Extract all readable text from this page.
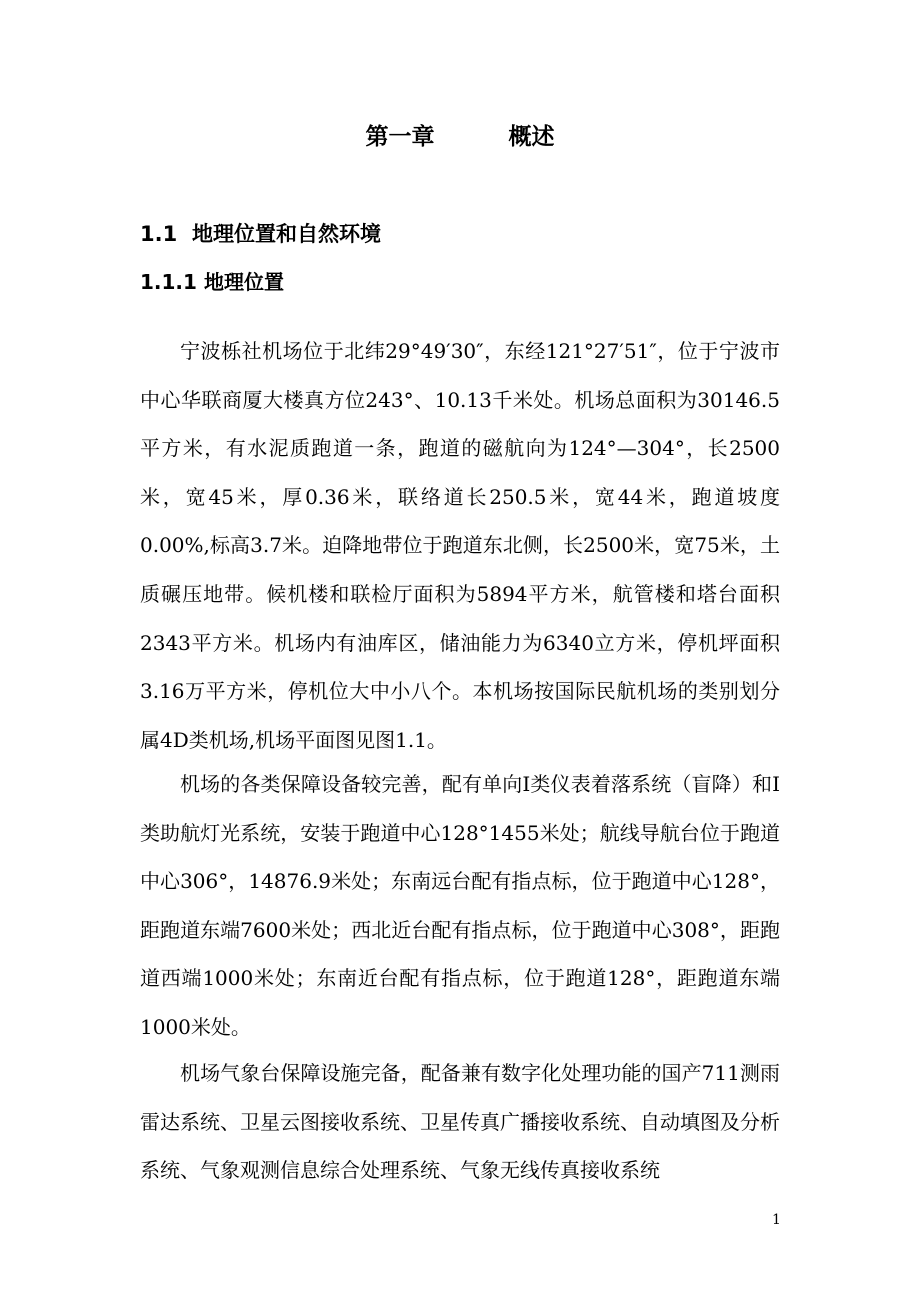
第一章	概述
1.1 地理位置和自然环境
1.1.1 地理位置

宁波栎社机场位于北纬29°49′30″，东经121°27′51″，位于宁波市中心华联商厦大楼真方位243°、10.13千米处。机场总面积为30146.5平方米，有水泥质跑道一条，跑道的磁航向为124°—304°，长2500米，宽45米，厚0.36米，联络道长250.5米，宽44米，跑道坡度0.00%,标高3.7米。迫降地带位于跑道东北侧，长2500米，宽75米，土质碾压地带。候机楼和联检厅面积为5894平方米，航管楼和塔台面积2343平方米。机场内有油库区，储油能力为6340立方米，停机坪面积3.16万平方米，停机位大中小八个。本机场按国际民航机场的类别划分属4D类机场,机场平面图见图1.1。

机场的各类保障设备较完善，配有单向I类仪表着落系统（盲降）和I类助航灯光系统，安装于跑道中心128°1455米处；航线导航台位于跑道中心306°，14876.9米处；东南远台配有指点标，位于跑道中心128°，距跑道东端7600米处；西北近台配有指点标，位于跑道中心308°，距跑道西端1000米处；东南近台配有指点标，位于跑道128°，距跑道东端1000米处。

机场气象台保障设施完备，配备兼有数字化处理功能的国产711测雨雷达系统、卫星云图接收系统、卫星传真广播接收系统、自动填图及分析系统、气象观测信息综合处理系统、气象无线传真接收系统

1
